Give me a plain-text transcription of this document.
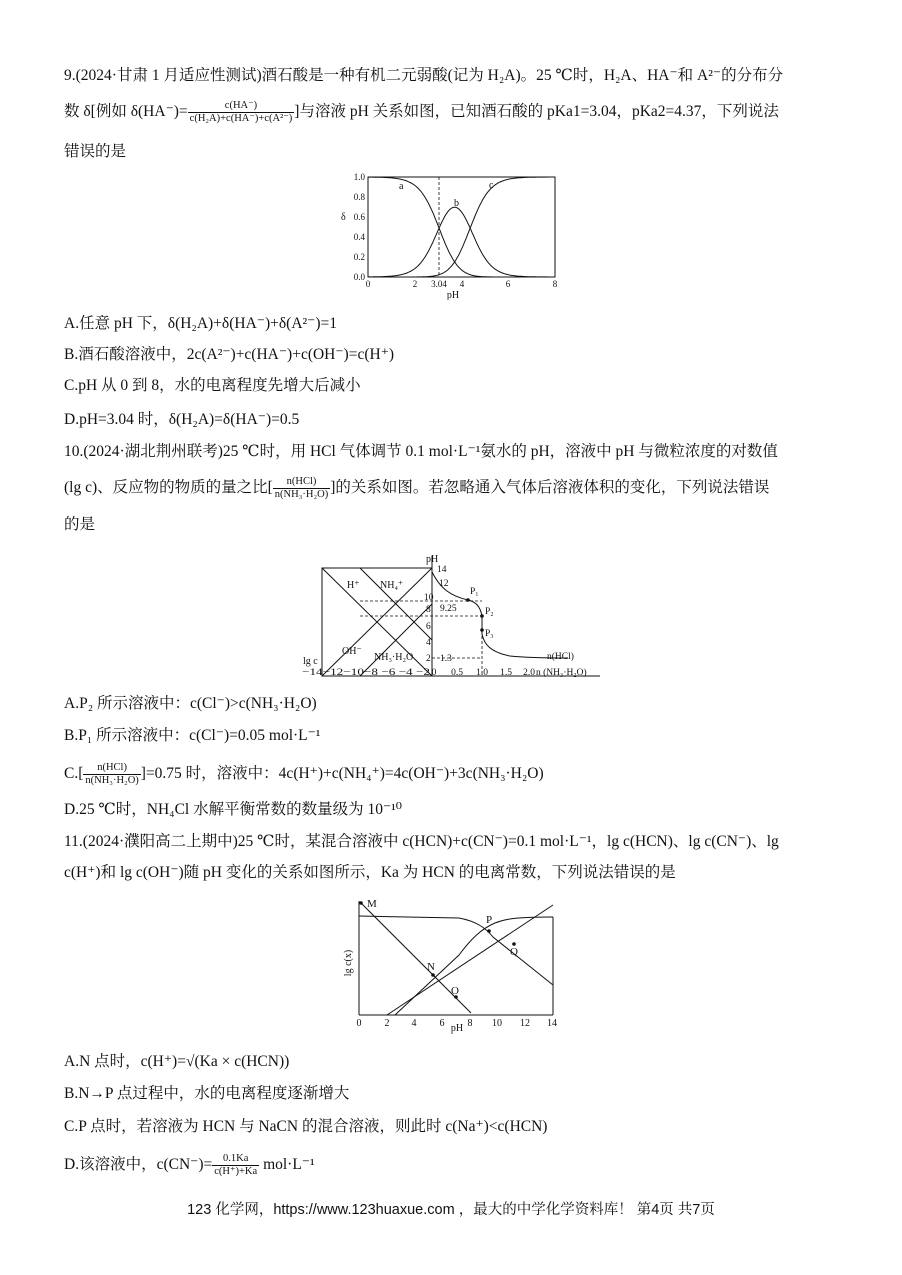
9.(2024·甘肃 1 月适应性测试)酒石酸是一种有机二元弱酸(记为 H₂A)。25 ℃时，H₂A、HA⁻和 A²⁻的分布分
数 δ[例如 $\delta(HA^-)= \frac{c(HA^-)}{\text{c(H₂A)+c(HA⁻)+c(A²⁻)}}$ ]与溶液 pH 关系如图，已知酒石酸的 pKa1=3.04，pKa2=4.37，下列说法
错误的是
0.0
0.2
0.4
0.6
0.8
1.0
δ
0	2 3.04 4	6	8
pH
a
b
c
A.任意 pH 下，δ(H₂A)+δ(HA⁻)+δ(A²⁻)=1
B.酒石酸溶液中，2c(A²⁻)+c(HA⁻)+c(OH⁻)=c(H⁺)
C.pH 从 0 到 8，水的电离程度先增大后减小
D.pH=3.04 时，δ(H₂A)=δ(HA⁻)=0.5
10.(2024·湖北荆州联考)25 ℃时，用 HCl 气体调节 0.1 mol·L⁻¹氨水的 pH，溶液中 pH 与微粒浓度的对数值
(lg c)、反应物的物质的量之比[ $\frac{\text{n(HCl)}}{\text{n(NH₃·H₂O)}}$ ]的关系如图。若忽略通入气体后溶液体积的变化，下列说法错误
的是
pH
14
12
10
8
6
4
2
9.25
1.3
P₁
P₂
P₃
H⁺ NH₄⁺
OH⁻
NH₃·H₂O
lg c
−14−12−10−8 −6 −4 −2 0 0.5 1.0 1.5 2.0
n(HCl)
n (NH₃·H₂O)
A.P₂ 所示溶液中：c(Cl⁻)>c(NH₃·H₂O)
B.P₁ 所示溶液中：c(Cl⁻)=0.05 mol·L⁻¹
$C.[ \frac{\text{n(HCl)}}{\text{n(NH₃·H₂O)}} ]=0.75$ 时，溶液中：4c(H⁺)+c(NH₄⁺)=4c(OH⁻)+3c(NH₃·H₂O)
D.25 ℃时，NH₄Cl 水解平衡常数的数量级为 10⁻¹⁰
11.(2024·濮阳高二上期中)25 ℃时，某混合溶液中 c(HCN)+c(CN⁻)=0.1 mol·L⁻¹，lg c(HCN)、lg c(CN⁻)、lg
c(H⁺)和 lg c(OH⁻)随 pH 变化的关系如图所示，Ka 为 HCN 的电离常数，下列说法错误的是
M
N
O
P
Q
lg c(x)
0 2 4 6 8 10 12 14
pH
A.N 点时，c(H⁺)=√(Ka × c(HCN))
B.N→P 点过程中，水的电离程度逐渐增大
C.P 点时，若溶液为 HCN 与 NaCN 的混合溶液，则此时 c(Na⁺)<c(HCN)
D.该溶液中，$c(CN^-)= \frac{0.1Ka}{c(H^+)+Ka} mol\cdot L^{-1}$
123 化学网，https://www.123huaxue.com ，最大的中学化学资料库！ 第4页 共7页
